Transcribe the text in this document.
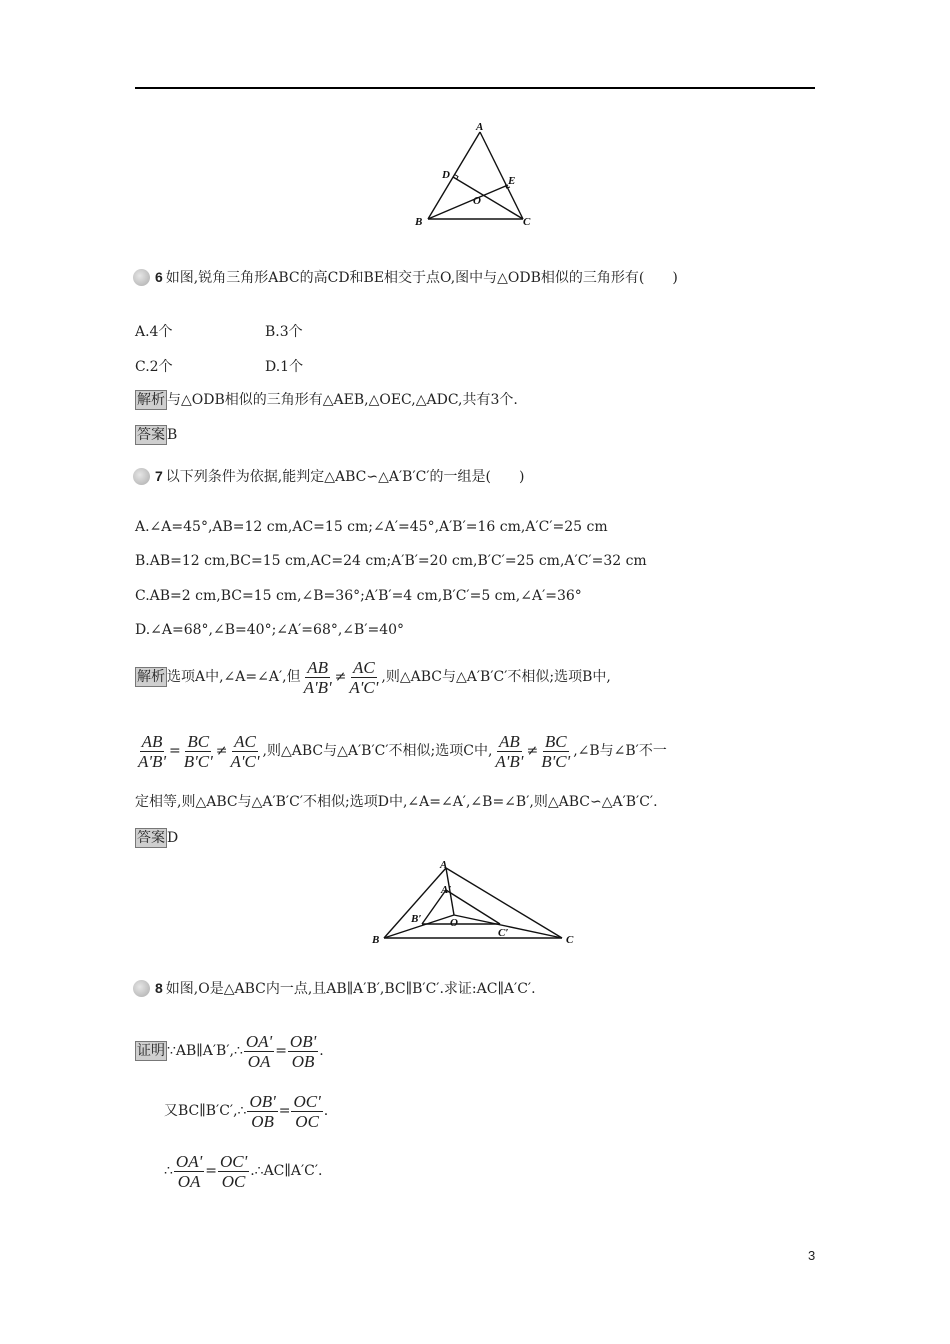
A
D	E
O
B	C
6 如图,锐角三角形ABC的高CD和BE相交于点O,图中与△ODB相似的三角形有(　　)
A.4个	B.3个
C.2个	D.1个
解析 与△ODB相似的三角形有△AEB,△OEC,△ADC,共有3个.
答案 B
7 以下列条件为依据,能判定△ABC∽△A′B′C′的一组是(　　)
A.∠A=45°,AB=12 cm,AC=15 cm;∠A′=45°,A′B′=16 cm,A′C′=25 cm
B.AB=12 cm,BC=15 cm,AC=24 cm;A′B′=20 cm,B′C′=25 cm,A′C′=32 cm
C.AB=2 cm,BC=15 cm,∠B=36°;A′B′=4 cm,B′C′=5 cm,∠A′=36°
D.∠A=68°,∠B=40°;∠A′=68°,∠B′=40°
解析 选项A中,∠A=∠A′,但 $\frac{AB}{A'B'} \ne \frac{AC}{A'C'}$ ,则△ABC与△A′B′C′不相似;选项B中,
$\frac{AB}{A'B'} = \frac{BC}{B'C'} \ne \frac{AC}{A'C'}$ ,则△ABC与△A′B′C′不相似;选项C中, $\frac{AB}{A'B'} \ne \frac{BC}{B'C'}$ ,∠B与∠B′不一
定相等,则△ABC与△A′B′C′不相似;选项D中,∠A=∠A′,∠B=∠B′,则△ABC∽△A′B′C′.
答案 D
A
A′
B′	O
C′
B	C
8 如图,O是△ABC内一点,且AB∥A′B′,BC∥B′C′.求证:AC∥A′C′.
证明 ∵AB∥A′B′,∴ $\frac{OA'}{OA} = \frac{OB'}{OB}$ .
又BC∥B′C′,∴ $\frac{OB'}{OB} = \frac{OC'}{OC}$ .
∴ $\frac{OA'}{OA} = \frac{OC'}{OC}$ .∴AC∥A′C′.
3
